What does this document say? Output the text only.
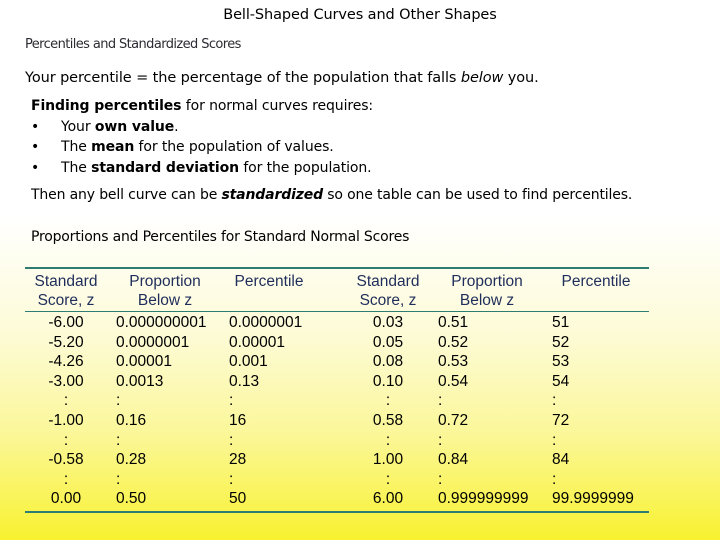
Bell-Shaped Curves and Other Shapes
Percentiles and Standardized Scores
Your percentile = the percentage of the population that falls below you.
Finding percentiles for normal curves requires:
• Your own value.
• The mean for the population of values.
• The standard deviation for the population.
Then any bell curve can be standardized so one table can be used to find percentiles.
Proportions and Percentiles for Standard Normal Scores
Standard
Score, z
Proportion
Below z
Percentile	Standard
Score, z
Proportion
Below z
Percentile
-6.00
-5.20
-4.26
-3.00
:
-1.00
:
-0.58
:
0.00
0.000000001
0.0000001
0.00001
0.0013
:
0.16
:
0.28
:
0.50
0.0000001
0.00001
0.001
0.13
:
16
:
28
:
50
0.03
0.05
0.08
0.10
:
0.58
:
1.00
:
6.00
0.51
0.52
0.53
0.54
:
0.72
:
0.84
:
0.999999999
51
52
53
54
:
72
:
84
:
99.9999999
